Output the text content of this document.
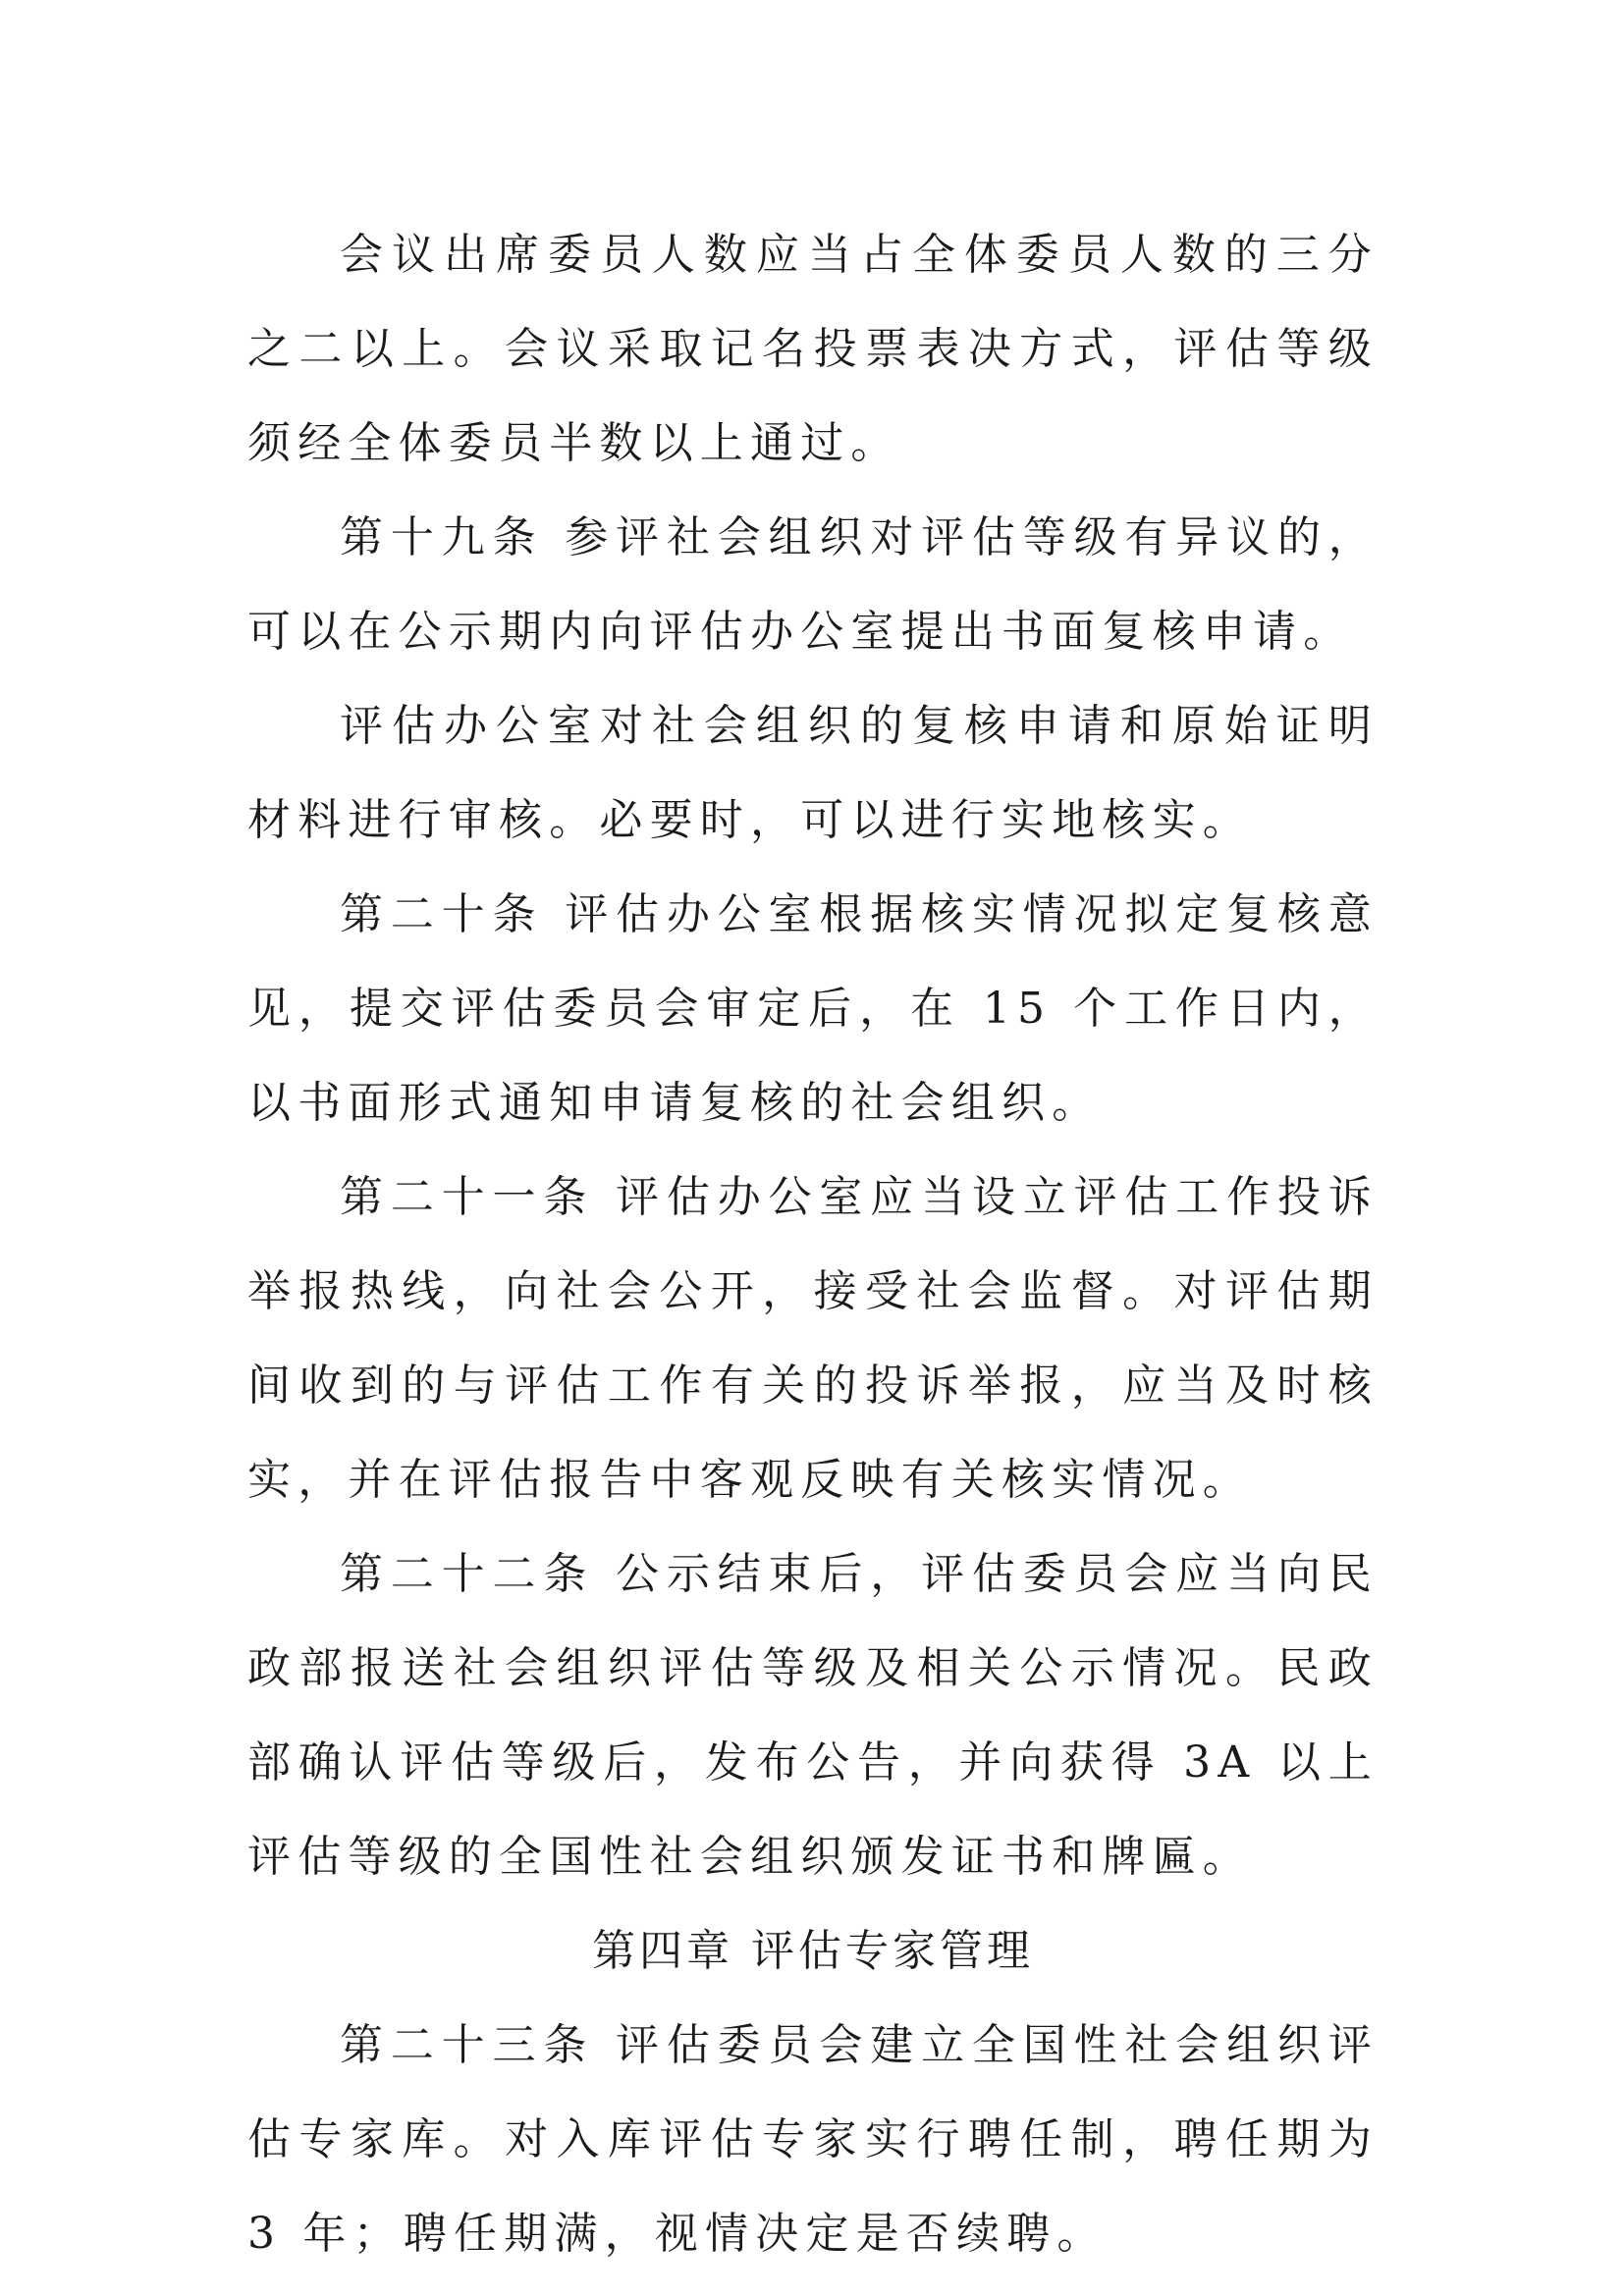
会议出席委员人数应当占全体委员人数的三分之二以上。会议采取记名投票表决方式，评估等级须经全体委员半数以上通过。

第十九条 参评社会组织对评估等级有异议的，可以在公示期内向评估办公室提出书面复核申请。

评估办公室对社会组织的复核申请和原始证明材料进行审核。必要时，可以进行实地核实。

第二十条 评估办公室根据核实情况拟定复核意见，提交评估委员会审定后，在 15 个工作日内，以书面形式通知申请复核的社会组织。

第二十一条 评估办公室应当设立评估工作投诉举报热线，向社会公开，接受社会监督。对评估期间收到的与评估工作有关的投诉举报，应当及时核实，并在评估报告中客观反映有关核实情况。

第二十二条 公示结束后，评估委员会应当向民政部报送社会组织评估等级及相关公示情况。民政部确认评估等级后，发布公告，并向获得 3A 以上评估等级的全国性社会组织颁发证书和牌匾。

第四章 评估专家管理

第二十三条 评估委员会建立全国性社会组织评估专家库。对入库评估专家实行聘任制，聘任期为 3 年；聘任期满，视情决定是否续聘。
